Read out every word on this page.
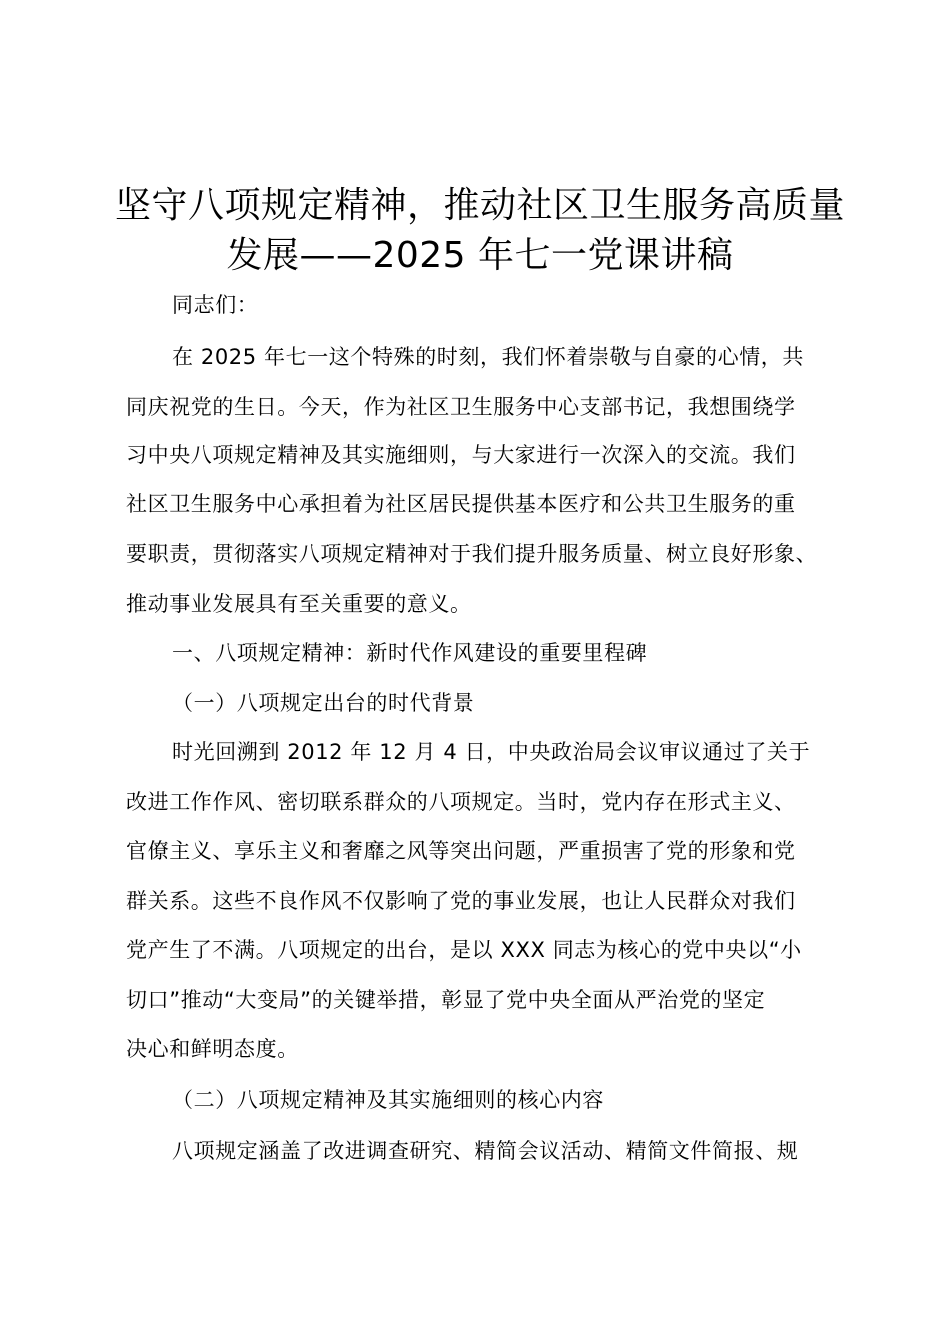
坚守八项规定精神，推动社区卫生服务高质量
发展——2025 年七一党课讲稿
同志们：
在 2025 年七一这个特殊的时刻，我们怀着崇敬与自豪的心情，共
同庆祝党的生日。今天，作为社区卫生服务中心支部书记，我想围绕学
习中央八项规定精神及其实施细则，与大家进行一次深入的交流。我们
社区卫生服务中心承担着为社区居民提供基本医疗和公共卫生服务的重
要职责，贯彻落实八项规定精神对于我们提升服务质量、树立良好形象、
推动事业发展具有至关重要的意义。
一、八项规定精神：新时代作风建设的重要里程碑
（一）八项规定出台的时代背景
时光回溯到 2012 年 12 月 4 日，中央政治局会议审议通过了关于
改进工作作风、密切联系群众的八项规定。当时，党内存在形式主义、
官僚主义、享乐主义和奢靡之风等突出问题，严重损害了党的形象和党
群关系。这些不良作风不仅影响了党的事业发展，也让人民群众对我们
党产生了不满。八项规定的出台，是以 XXX 同志为核心的党中央以“小
切口”推动“大变局”的关键举措，彰显了党中央全面从严治党的坚定
决心和鲜明态度。
（二）八项规定精神及其实施细则的核心内容
八项规定涵盖了改进调查研究、精简会议活动、精简文件简报、规
